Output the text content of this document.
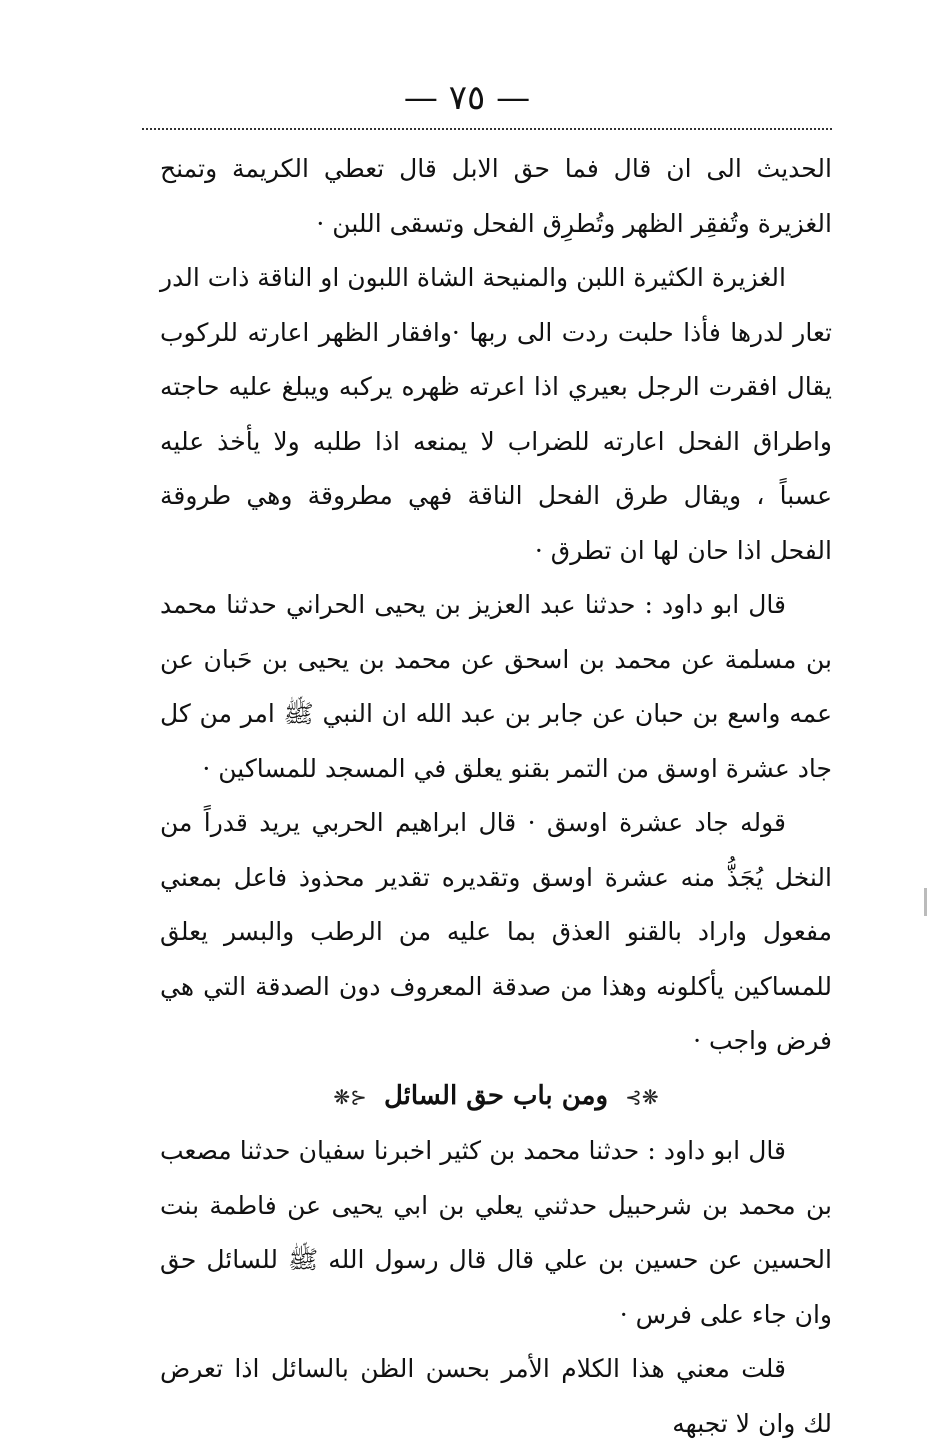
— ٧٥ —

الحديث الى ان قال فما حق الابل قال تعطي الكريمة وتمنح الغزيرة وتُفقِر الظهر وتُطرِق الفحل وتسقى اللبن ·

الغزيرة الكثيرة اللبن والمنيحة الشاة اللبون او الناقة ذات الدر تعار لدرها فأذا حلبت ردت الى ربها ·وافقار الظهر اعارته للركوب يقال افقرت الرجل بعيري اذا اعرته ظهره يركبه ويبلغ عليه حاجته واطراق الفحل اعارته للضراب لا يمنعه اذا طلبه ولا يأخذ عليه عسباً ، ويقال طرق الفحل الناقة فهي مطروقة وهي طروقة الفحل اذا حان لها ان تطرق ·

قال ابو داود : حدثنا عبد العزيز بن يحيى الحراني حدثنا محمد بن مسلمة عن محمد بن اسحق عن محمد بن يحيى بن حَبان عن عمه واسع بن حبان عن جابر بن عبد الله ان النبي ﷺ امر من كل جاد عشرة اوسق من التمر بقنو يعلق في المسجد للمساكين ·

قوله جاد عشرة اوسق · قال ابراهيم الحربي يريد قدراً من النخل يُجَذُّ منه عشرة اوسق وتقديره تقدير محذوذ فاعل بمعني مفعول واراد بالقنو العذق بما عليه من الرطب والبسر يعلق للمساكين يأكلونه وهذا من صدقة المعروف دون الصدقة التي هي فرض واجب ·

❋⊱ ومن باب حق السائل ⊰❋

قال ابو داود : حدثنا محمد بن كثير اخبرنا سفيان حدثنا مصعب بن محمد بن شرحبيل حدثني يعلي بن ابي يحيى عن فاطمة بنت الحسين عن حسين بن علي قال قال رسول الله ﷺ للسائل حق وان جاء على فرس ·

قلت معني هذا الكلام الأمر بحسن الظن بالسائل اذا تعرض لك وان لا تجبهه
